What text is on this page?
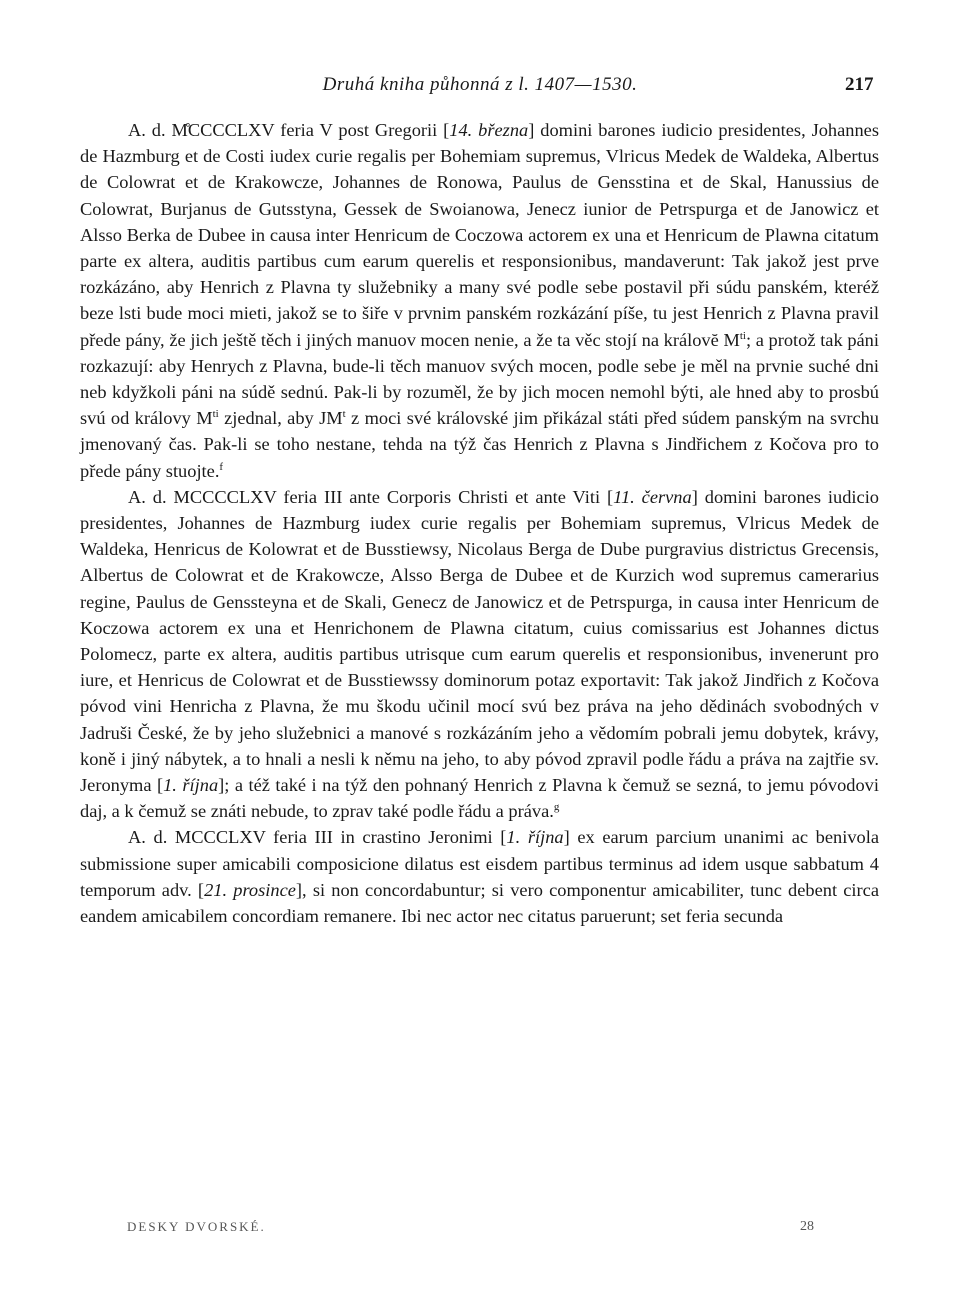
Druhá kniha půhonná z l. 1407—1530.	217

A. d. M̊CCCCLXV feria V post Gregorii [14. března] domini barones iudicio presidentes, Johannes de Hazmburg et de Costi iudex curie regalis per Bohemiam supremus, Vlricus Medek de Waldeka, Albertus de Colowrat et de Krakowcze, Johannes de Ronowa, Paulus de Gensstina et de Skal, Hanussius de Colowrat, Burjanus de Gutsstyna, Gessek de Swoianowa, Jenecz iunior de Petrspurga et de Janowicz et Alsso Berka de Dubee in causa inter Henricum de Coczowa actorem ex una et Henricum de Plawna citatum parte ex altera, auditis partibus cum earum querelis et responsionibus, mandaverunt: Tak jakož jest prve rozkázáno, aby Henrich z Plavna ty služebniky a many své podle sebe postavil při súdu panském, kteréž beze lsti bude moci mieti, jakož se to šiře v prvnim panském rozkázání píše, tu jest Henrich z Plavna pravil přede pány, že jich ještě těch i jiných manuov mocen nenie, a že ta věc stojí na královĕ $M^{ti}$; a protož tak páni rozkazují: aby Henrych z Plavna, bude-li těch manuov svých mocen, podle sebe je měl na prvnie suché dni neb kdyžkoli páni na súdě sednú. Pak-li by rozuměl, že by jich mocen nemohl býti, ale hned aby to prosbú svú od královy $M^{ti}$ zjednal, aby $JM^t$ z moci své královské jim přikázal státi před súdem panským na svrchu jmenovaný čas. Pak-li se toho nestane, tehda na týž čas Henrich z Plavna s Jindřichem z Kočova pro to přede pány stuojte.$^f$

A. d. MCCCCLXV feria III ante Corporis Christi et ante Viti [11. června] domini barones iudicio presidentes, Johannes de Hazmburg iudex curie regalis per Bohemiam supremus, Vlricus Medek de Waldeka, Henricus de Kolowrat et de Busstiewsy, Nicolaus Berga de Dube purgravius districtus Grecensis, Albertus de Colowrat et de Krakowcze, Alsso Berga de Dubee et de Kurzich wod supremus camerarius regine, Paulus de Genssteyna et de Skali, Genecz de Janowicz et de Petrspurga, in causa inter Henricum de Koczowa actorem ex una et Henrichonem de Plawna citatum, cuius comissarius est Johannes dictus Polomecz, parte ex altera, auditis partibus utrisque cum earum querelis et responsionibus, invenerunt pro iure, et Henricus de Colowrat et de Busstiewssy dominorum potaz exportavit: Tak jakož Jindřich z Kočova póvod vini Henricha z Plavna, že mu škodu učinil mocí svú bez práva na jeho dědinách svobodných v Jadruši České, že by jeho služebnici a manové s rozkázáním jeho a vědomím pobrali jemu dobytek, krávy, koně i jiný nábytek, a to hnali a nesli k němu na jeho, to aby póvod zpravil podle řádu a práva na zajtřie sv. Jeronyma [1. října]; a též také i na týž den pohnaný Henrich z Plavna k čemuž se sezná, to jemu póvodovi daj, a k čemuž se znáti nebude, to zprav také podle řádu a práva.$^g$

A. d. MCCCLXV feria III in crastino Jeronimi [1. října] ex earum parcium unanimi ac benivola submissione super amicabili composicione dilatus est eisdem partibus terminus ad idem usque sabbatum 4 temporum adv. [21. prosince], si non concordabuntur; si vero componentur amicabiliter, tunc debent circa eandem amicabilem concordiam remanere. Ibi nec actor nec citatus paruerunt; set feria secunda

DESKY DVORSKÉ.	28
